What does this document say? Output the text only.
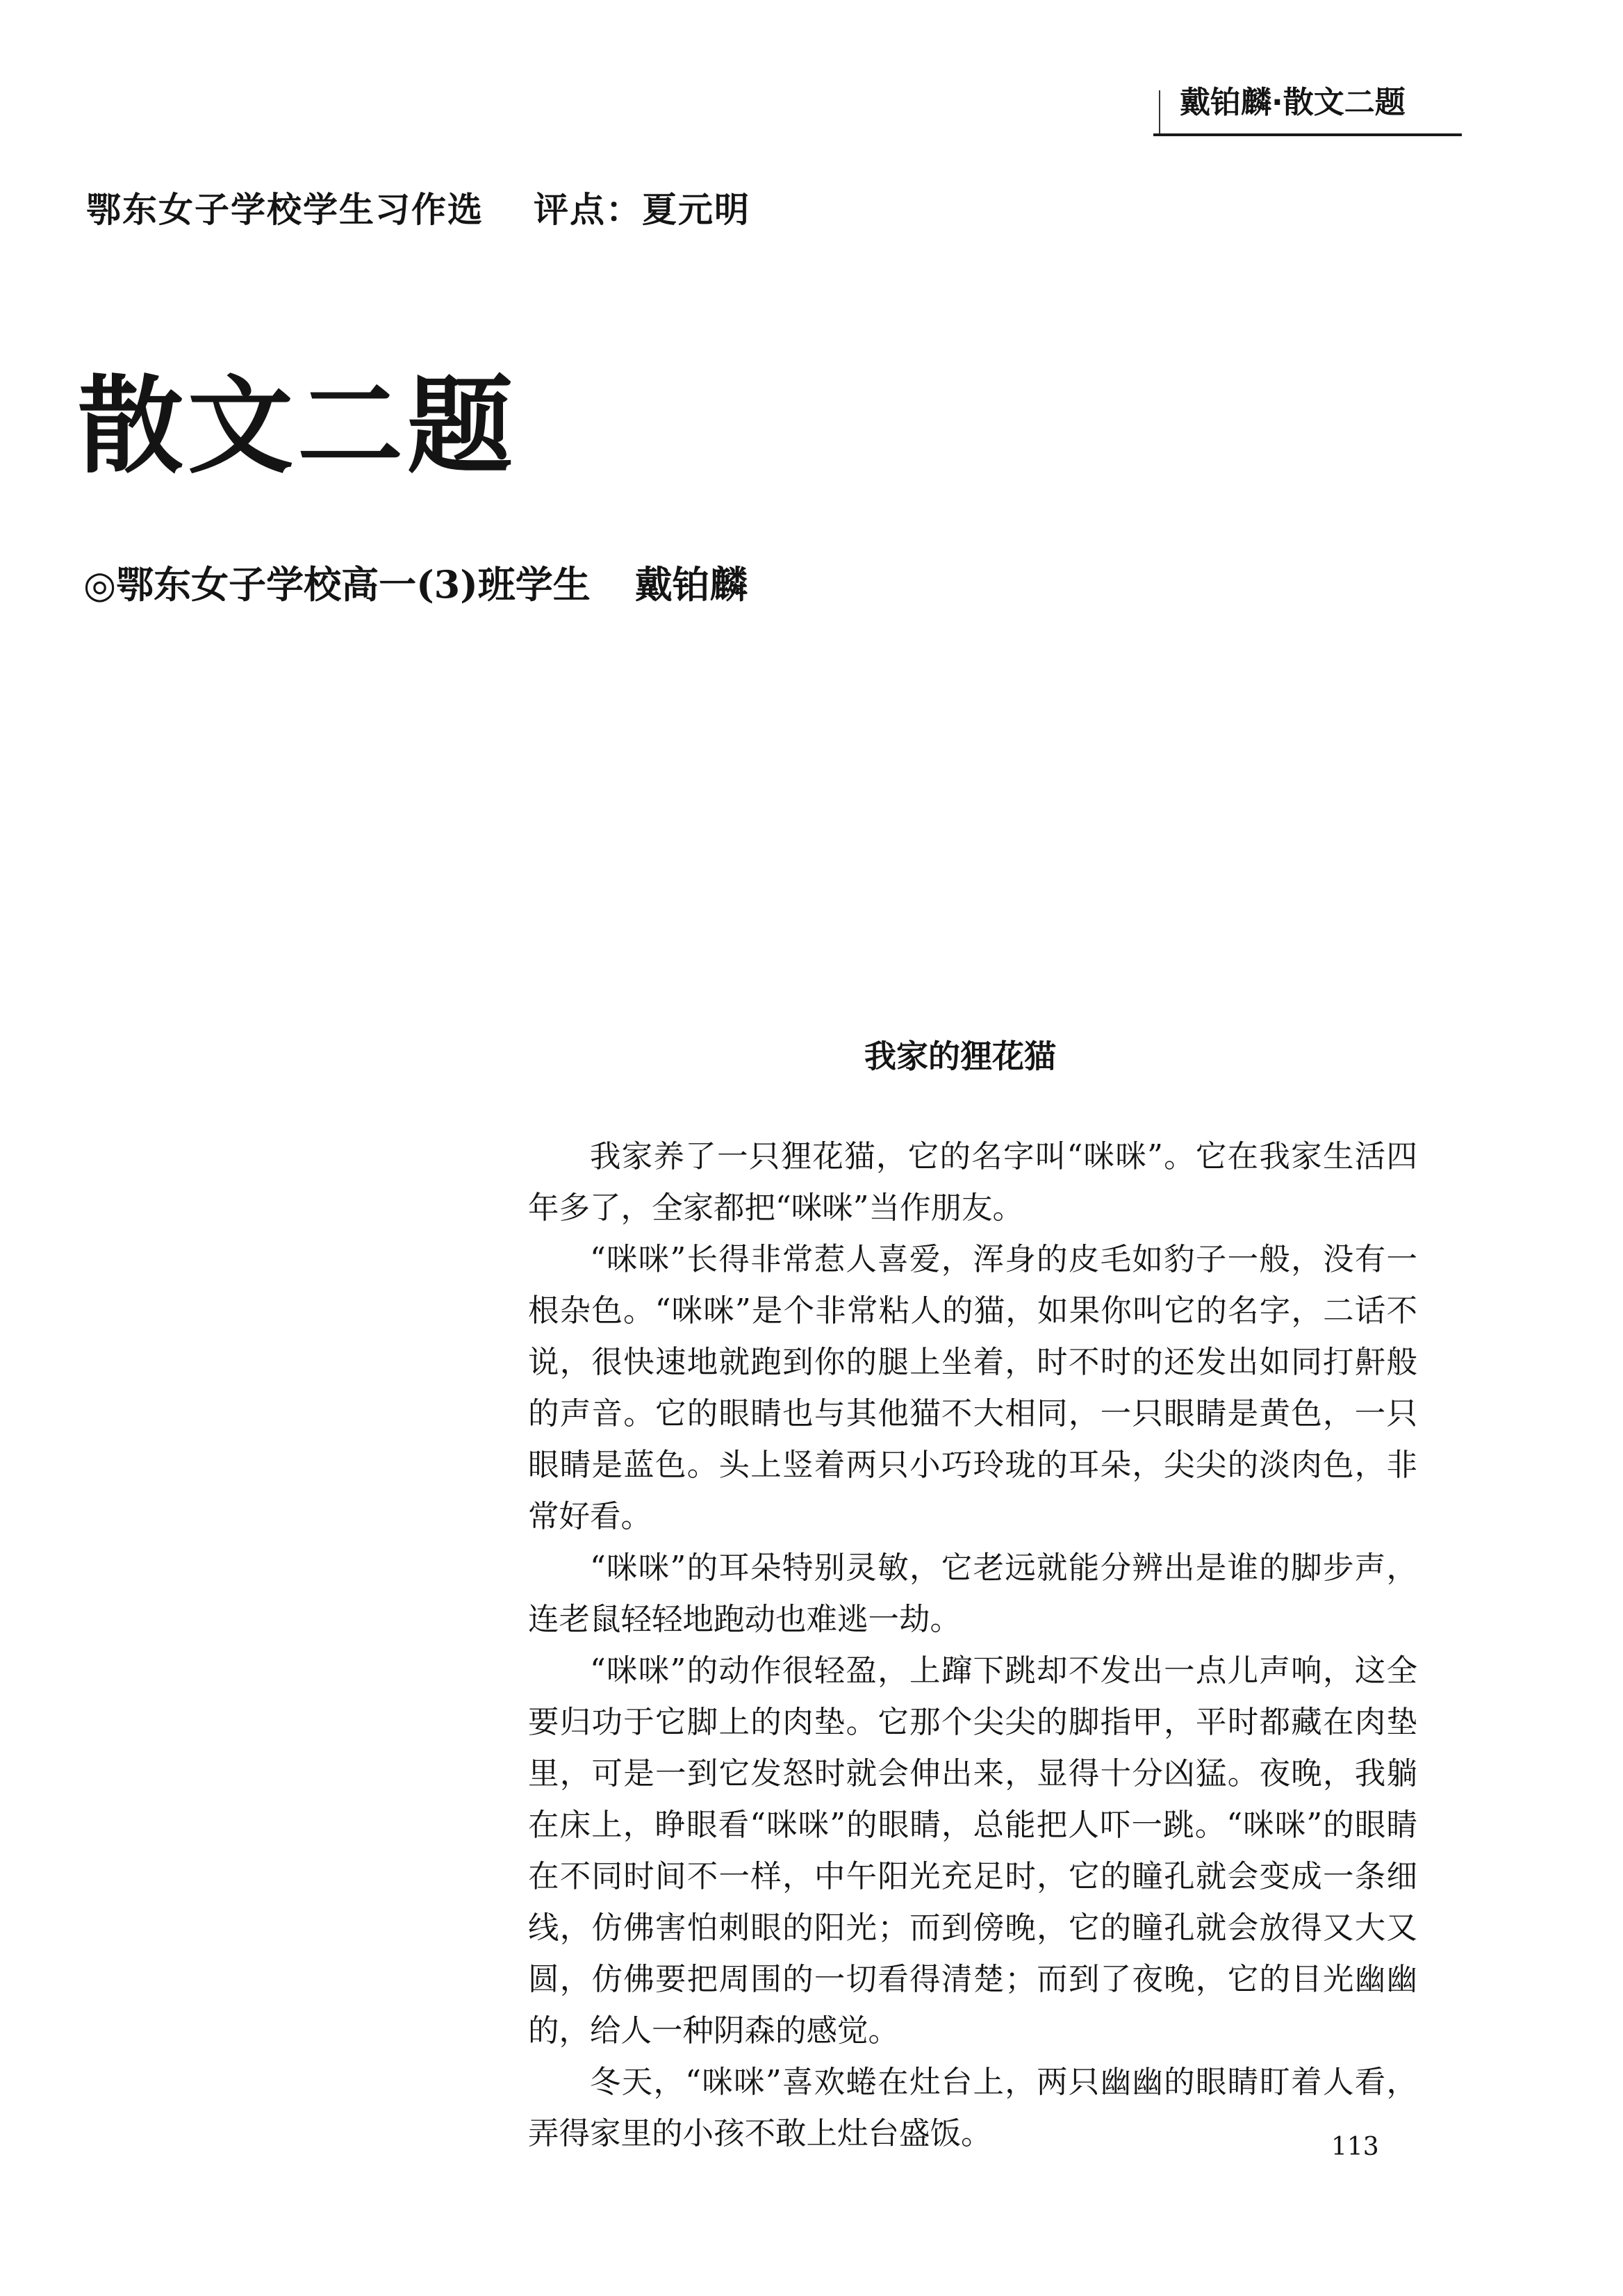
戴铂麟·散文二题
鄂东女子学校学生习作选 评点：夏元明
散文二题
◎鄂东女子学校高一(3)班学生 戴铂麟
我家的狸花猫

我家养了一只狸花猫，它的名字叫“咪咪”。它在我家生活四年多了，全家都把“咪咪”当作朋友。

“咪咪”长得非常惹人喜爱，浑身的皮毛如豹子一般，没有一根杂色。“咪咪”是个非常粘人的猫，如果你叫它的名字，二话不说，很快速地就跑到你的腿上坐着，时不时的还发出如同打鼾般的声音。它的眼睛也与其他猫不大相同，一只眼睛是黄色，一只眼睛是蓝色。头上竖着两只小巧玲珑的耳朵，尖尖的淡肉色，非常好看。

“咪咪”的耳朵特别灵敏，它老远就能分辨出是谁的脚步声，连老鼠轻轻地跑动也难逃一劫。

“咪咪”的动作很轻盈，上蹿下跳却不发出一点儿声响，这全要归功于它脚上的肉垫。它那个尖尖的脚指甲，平时都藏在肉垫里，可是一到它发怒时就会伸出来，显得十分凶猛。夜晚，我躺在床上，睁眼看“咪咪”的眼睛，总能把人吓一跳。“咪咪”的眼睛在不同时间不一样，中午阳光充足时，它的瞳孔就会变成一条细线，仿佛害怕刺眼的阳光；而到傍晚，它的瞳孔就会放得又大又圆，仿佛要把周围的一切看得清楚；而到了夜晚，它的目光幽幽的，给人一种阴森的感觉。

冬天，“咪咪”喜欢蜷在灶台上，两只幽幽的眼睛盯着人看，弄得家里的小孩不敢上灶台盛饭。	113
